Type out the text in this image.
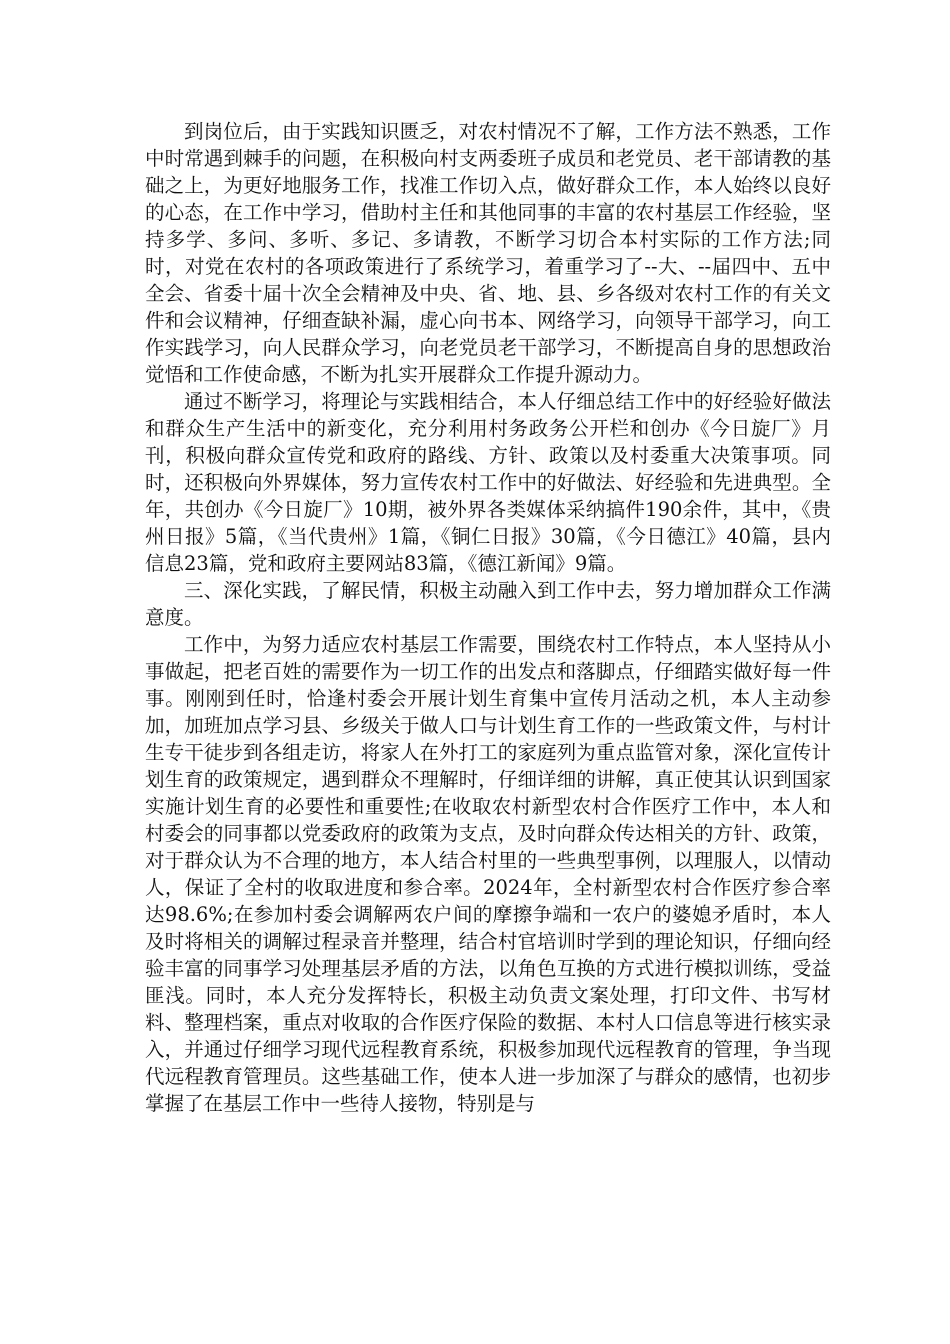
到岗位后，由于实践知识匮乏，对农村情况不了解，工作方法不熟悉，工作中时常遇到棘手的问题，在积极向村支两委班子成员和老党员、老干部请教的基础之上，为更好地服务工作，找准工作切入点，做好群众工作，本人始终以良好的心态，在工作中学习，借助村主任和其他同事的丰富的农村基层工作经验，坚持多学、多问、多听、多记、多请教，不断学习切合本村实际的工作方法;同时，对党在农村的各项政策进行了系统学习，着重学习了--大、--届四中、五中全会、省委十届十次全会精神及中央、省、地、县、乡各级对农村工作的有关文件和会议精神，仔细查缺补漏，虚心向书本、网络学习，向领导干部学习，向工作实践学习，向人民群众学习，向老党员老干部学习，不断提高自身的思想政治觉悟和工作使命感，不断为扎实开展群众工作提升源动力。

通过不断学习，将理论与实践相结合，本人仔细总结工作中的好经验好做法和群众生产生活中的新变化，充分利用村务政务公开栏和创办《今日旋厂》月刊，积极向群众宣传党和政府的路线、方针、政策以及村委重大决策事项。同时，还积极向外界媒体，努力宣传农村工作中的好做法、好经验和先进典型。全年，共创办《今日旋厂》10期，被外界各类媒体采纳搞件190余件，其中，《贵州日报》5篇，《当代贵州》1篇，《铜仁日报》30篇，《今日德江》40篇，县内信息23篇，党和政府主要网站83篇，《德江新闻》9篇。

三、深化实践，了解民情，积极主动融入到工作中去，努力增加群众工作满意度。

工作中，为努力适应农村基层工作需要，围绕农村工作特点，本人坚持从小事做起，把老百姓的需要作为一切工作的出发点和落脚点，仔细踏实做好每一件事。刚刚到任时，恰逢村委会开展计划生育集中宣传月活动之机，本人主动参加，加班加点学习县、乡级关于做人口与计划生育工作的一些政策文件，与村计生专干徒步到各组走访，将家人在外打工的家庭列为重点监管对象，深化宣传计划生育的政策规定，遇到群众不理解时，仔细详细的讲解，真正使其认识到国家实施计划生育的必要性和重要性;在收取农村新型农村合作医疗工作中，本人和村委会的同事都以党委政府的政策为支点，及时向群众传达相关的方针、政策，对于群众认为不合理的地方，本人结合村里的一些典型事例，以理服人，以情动人，保证了全村的收取进度和参合率。2024年，全村新型农村合作医疗参合率达98.6%;在参加村委会调解两农户间的摩擦争端和一农户的婆媳矛盾时，本人及时将相关的调解过程录音并整理，结合村官培训时学到的理论知识，仔细向经验丰富的同事学习处理基层矛盾的方法，以角色互换的方式进行模拟训练，受益匪浅。同时，本人充分发挥特长，积极主动负责文案处理，打印文件、书写材料、整理档案，重点对收取的合作医疗保险的数据、本村人口信息等进行核实录入，并通过仔细学习现代远程教育系统，积极参加现代远程教育的管理，争当现代远程教育管理员。这些基础工作，使本人进一步加深了与群众的感情，也初步掌握了在基层工作中一些待人接物，特别是与
